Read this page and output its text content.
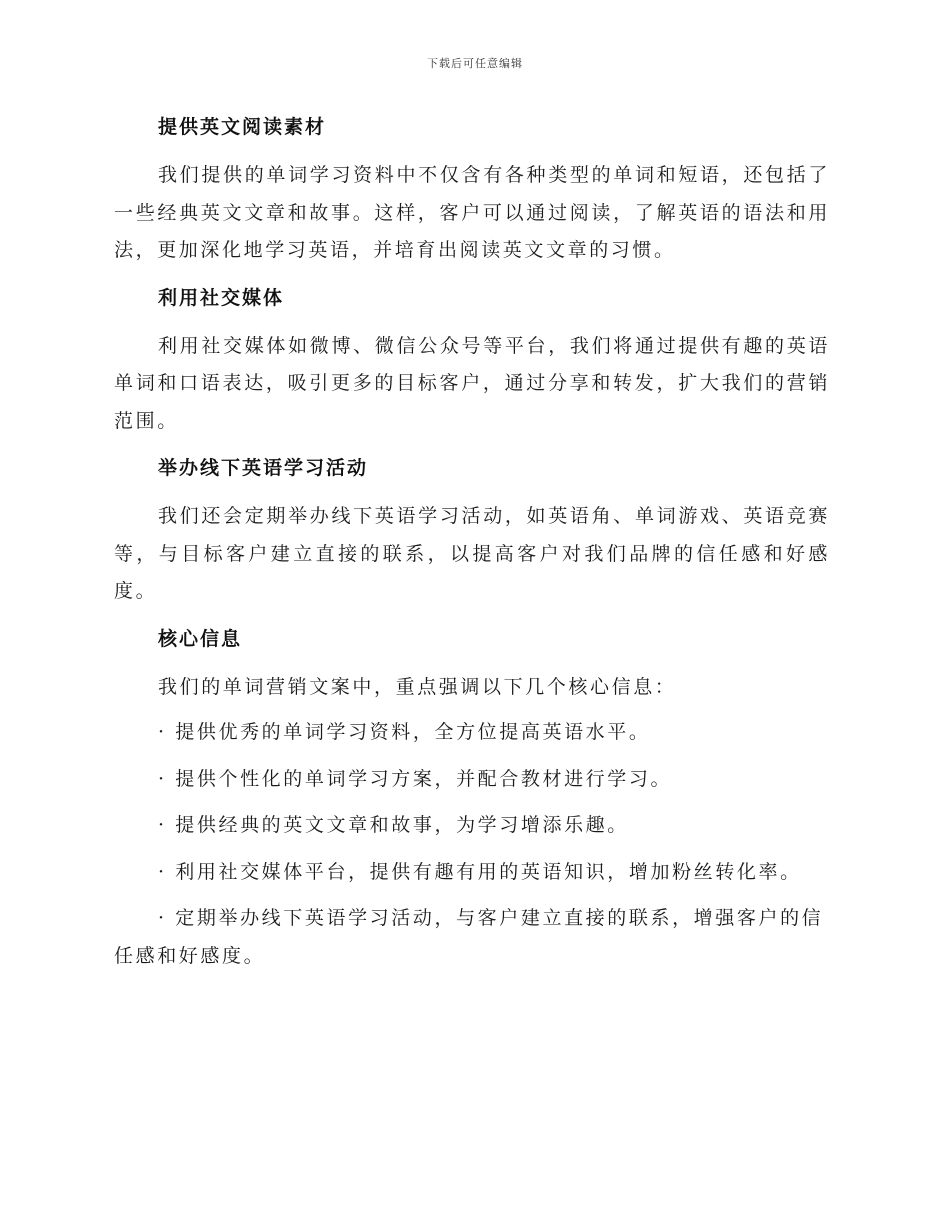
下载后可任意编辑
提供英文阅读素材

我们提供的单词学习资料中不仅含有各种类型的单词和短语，还包括了一些经典英文文章和故事。这样，客户可以通过阅读，了解英语的语法和用法，更加深化地学习英语，并培育出阅读英文文章的习惯。

利用社交媒体

利用社交媒体如微博、微信公众号等平台，我们将通过提供有趣的英语单词和口语表达，吸引更多的目标客户，通过分享和转发，扩大我们的营销范围。

举办线下英语学习活动

我们还会定期举办线下英语学习活动，如英语角、单词游戏、英语竞赛等，与目标客户建立直接的联系，以提高客户对我们品牌的信任感和好感度。

核心信息

我们的单词营销文案中，重点强调以下几个核心信息：

· 提供优秀的单词学习资料，全方位提高英语水平。

· 提供个性化的单词学习方案，并配合教材进行学习。

· 提供经典的英文文章和故事，为学习增添乐趣。

· 利用社交媒体平台，提供有趣有用的英语知识，增加粉丝转化率。

· 定期举办线下英语学习活动，与客户建立直接的联系，增强客户的信任感和好感度。
